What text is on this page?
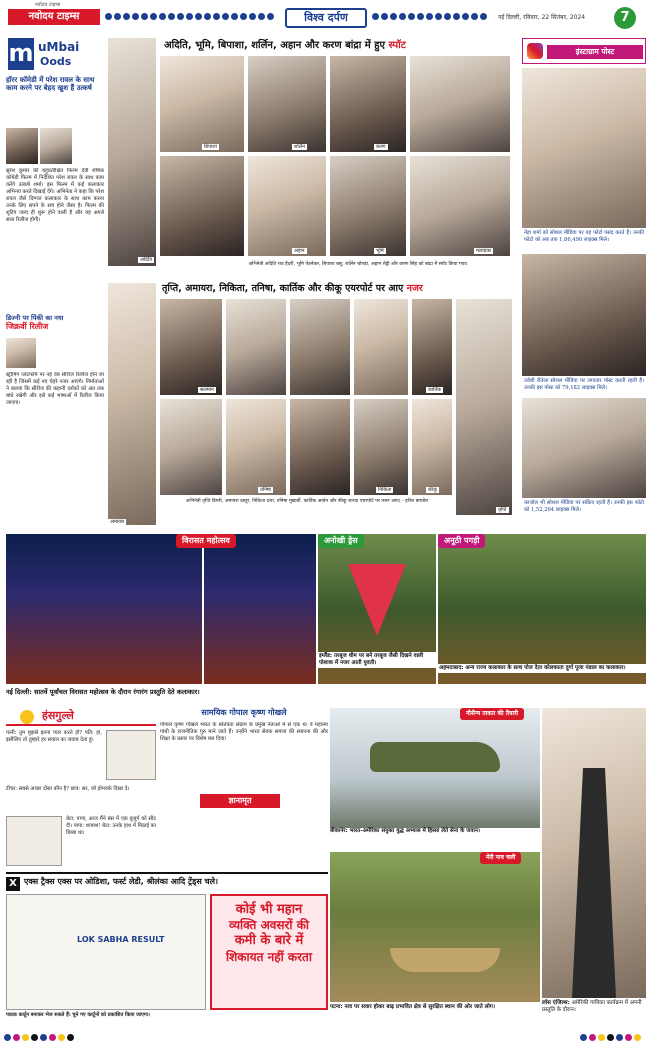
नवोदय टाइम्स
नवोदय टाइम्स	विश्व दर्पण	नई दिल्ली, रविवार, 22 सितंबर, 2024	7
m uMbai
Oods
हॉरर कॉमेडी में परेश रावल के साथ काम करने पर बेहद खुश हैं उत्कर्ष
सुरेश कुमार की बहुप्रतीक्षित फिल्म देवी शीर्षक कॉमेडी फिल्म में निर्देशित परेश रावल के साथ काम करेंगे उत्कर्ष शर्मा। इस फिल्म में कई कलाकार अभिनय करते दिखाई देंगे। अभिनेता ने कहा कि परेश रावल जैसे दिग्गज कलाकार के साथ काम करना उनके लिए सपने के सच होने जैसा है। फिल्म की शूटिंग जल्द ही शुरू होने वाली है और यह अगले साल रिलीज होगी।
डिज्नी पर पिंकी का नया
जिक्रवीं रिलीज
स्ट्रीमिंग प्लेटफॉर्म पर नई वेब सीरीज रिलीज होने जा रही है जिसमें कई नए चेहरे नजर आएंगे। निर्माताओं ने बताया कि सीरीज की कहानी दर्शकों को अंत तक बांधे रखेगी और इसे कई भाषाओं में रिलीज किया जाएगा।
अदिति, भूमि, बिपाशा, शर्लिन, अहान और करण बांद्रा में हुए स्पॉट
अदिति
बिपाशा	शर्लिन	करण
अहान	भूमि	मलाइका
अभिनेत्री अदिति राव हैदरी, भूमि पेडनेकर, बिपाशा बसु, शर्लिन चोपड़ा, अहान शेट्टी और करण सिंह को बांद्रा में स्पॉट किया गया।
तृप्ति, अमायरा, निकिता, तनिषा, कार्तिक और कीकू एयरपोर्ट पर आए नजर
अमायरा
सलमान	कार्तिक
तनिषा	निकिता	कीकू
तृप्ति
अभिनेत्री तृप्ति डिमरी, अमायरा दस्तूर, निकिता दत्ता, तनिषा मुखर्जी, कार्तिक आर्यन और कीकू शारदा एयरपोर्ट पर नजर आए। - हरीश बागडेरा
इंस्टाग्राम पोस्ट
नेहा शर्मा को सोशल मीडिया पर यह फोटो पसंद करते हैं। उनकी फोटो को अब तक 1,86,490 लाइक्स मिले।
उर्वशी रौतेला सोशल मीडिया पर लगातार पोस्ट करती रहती हैं। उनकी इस पोस्ट को 79,182 लाइक्स मिले।
काजोल भी सोशल मीडिया पर सक्रिय रहती हैं। उनकी इस फोटो को 1,52,264 लाइक्स मिले।
विरासत महोत्सव	अनोखी ड्रेस	अनूठी पगड़ी
नई दिल्ली: सातवें पूर्वांचल विरासत महोत्सव के दौरान रंगारंग प्रस्तुति देते कलाकार।
इंग्लैंड: तरबूज थीम पर बने तरबूज जैसी दिखने वाली पोशाक में नजर आती युवती।
अहमदाबाद: अन्य राज्य कलाकार के साथ पोज देता कोलकाता दुर्गा पूजा पंडाल का कलाकार।
हंसगुल्ले
पत्नी: तुम मुझसे इतना प्यार करते हो? पति: हां, इसीलिए तो तुम्हारे हर सवाल का जवाब देता हूं।
टीचर: सबसे अच्छा दोस्त कौन है? छात्र: सर, जो होमवर्क दिखा दे।
बेटा: पापा, आज मैंने बस में एक बुजुर्ग को सीट दी। पापा: शाबाश! बेटा: उनके हाथ में मिठाई का डिब्बा था।
सामयिक गोपाल कृष्ण गोखले
ज्ञानामृत
गोपाल कृष्ण गोखले भारत के स्वतंत्रता संग्राम के प्रमुख नेताओं में से एक थे। वे महात्मा गांधी के राजनीतिक गुरु माने जाते हैं। उन्होंने भारत सेवक समाज की स्थापना की और शिक्षा के प्रसार पर विशेष बल दिया।
नौसैन्य ताकत की तैयारी
बीकानेर: भारत-अमेरिका संयुक्त युद्ध अभ्यास में हिस्सा लेते सेना के जवान।
लॉस एंजिल्स: अमेरिकी गायिका कार्यक्रम में अपनी प्रस्तुति के दौरान।
मेरी नाव चली
पटना: नाव पर सवार होकर बाढ़ प्रभावित क्षेत्र से सुरक्षित स्थान की ओर जाते लोग।
X एक्स ट्रैक्स एक्स पर ओडिशा, फर्स्ट लेडी, श्रीलंका आदि ट्रेंड्स चले।
LOK SABHA RESULT
कोई भी महान
व्यक्ति अवसरों की
कमी के बारे में
शिकायत नहीं करता
पाठक कार्टून बनाकर भेज सकते हैं। चुने गए कार्टूनों को प्रकाशित किया जाएगा।
